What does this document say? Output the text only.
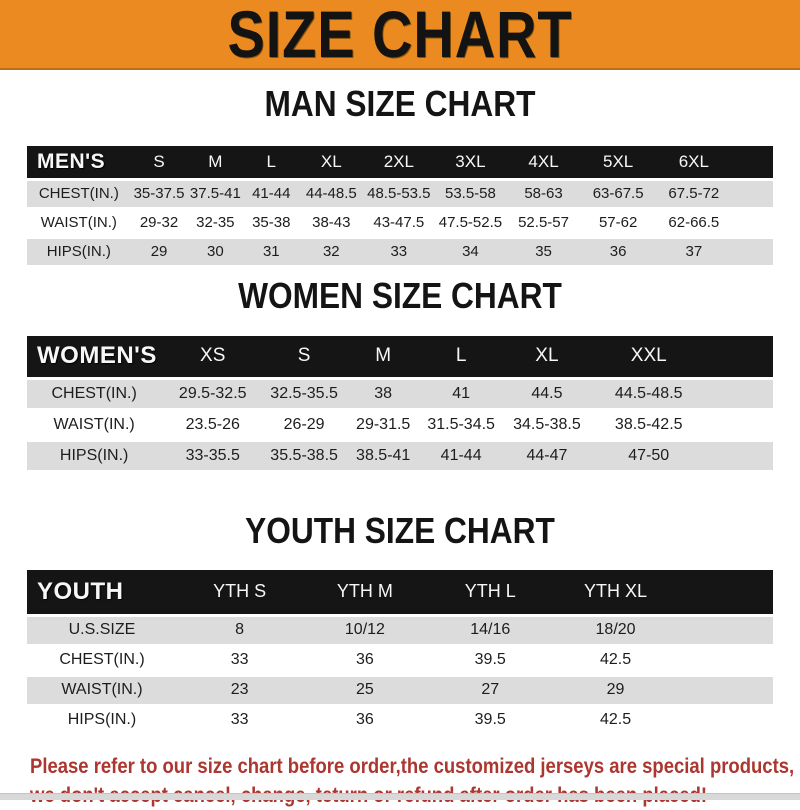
SIZE CHART
MAN SIZE CHART
MEN'S	S	M	L	XL	2XL	3XL	4XL	5XL	6XL	
CHEST(IN.)	35-37.5	37.5-41	41-44	44-48.5	48.5-53.5	53.5-58	58-63	63-67.5	67.5-72	
WAIST(IN.)	29-32	32-35	35-38	38-43	43-47.5	47.5-52.5	52.5-57	57-62	62-66.5	
HIPS(IN.)	29	30	31	32	33	34	35	36	37	
WOMEN SIZE CHART
WOMEN'S	XS	S	M	L	XL	XXL	
CHEST(IN.)	29.5-32.5	32.5-35.5	38	41	44.5	44.5-48.5	
WAIST(IN.)	23.5-26	26-29	29-31.5	31.5-34.5	34.5-38.5	38.5-42.5	
HIPS(IN.)	33-35.5	35.5-38.5	38.5-41	41-44	44-47	47-50	
YOUTH SIZE CHART
YOUTH	YTH S	YTH M	YTH L	YTH XL	
U.S.SIZE	8	10/12	14/16	18/20	
CHEST(IN.)	33	36	39.5	42.5	
WAIST(IN.)	23	25	27	29	
HIPS(IN.)	33	36	39.5	42.5	
Please refer to our size chart before order,the customized jerseys are special products,
